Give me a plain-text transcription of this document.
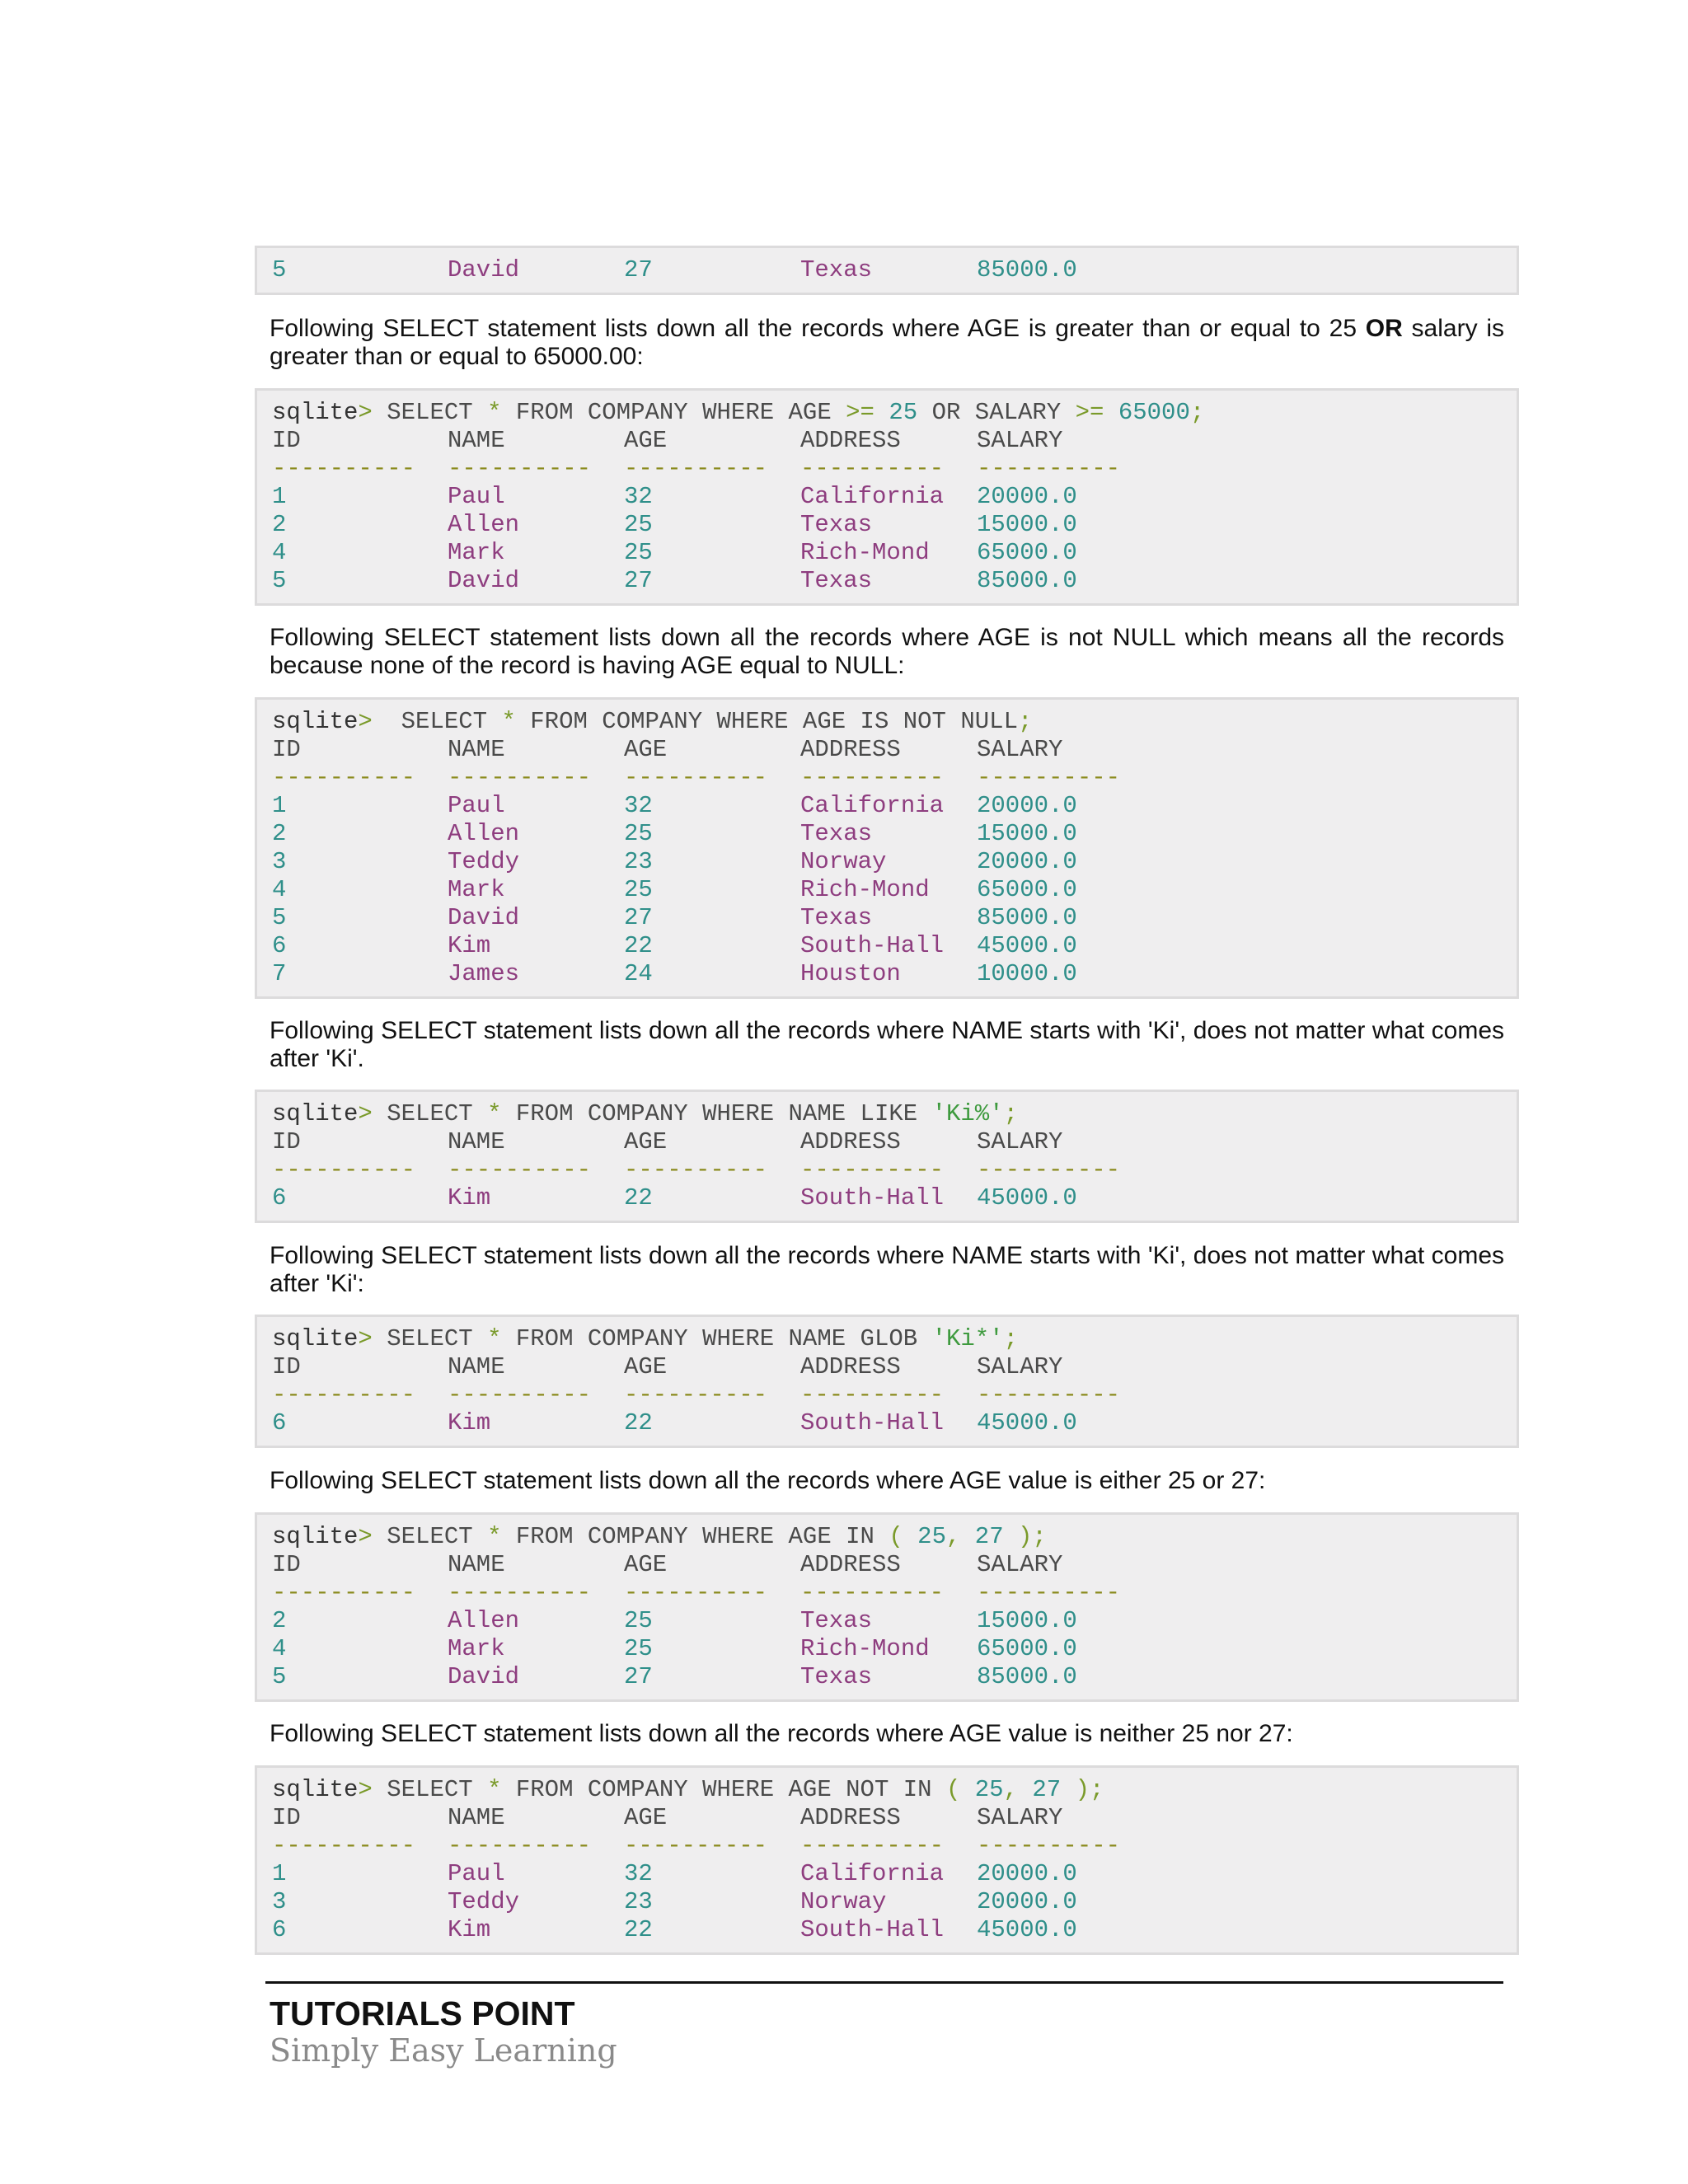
5	David	27	Texas	85000.0
Following SELECT statement lists down all the records where AGE is greater than or equal to 25 OR salary is greater than or equal to 65000.00:
sqlite> SELECT * FROM COMPANY WHERE AGE >= 25 OR SALARY >= 65000;
ID	NAME	AGE	ADDRESS	SALARY
---------- ---------- ---------- ---------- ----------
1	Paul	32	California 20000.0
2	Allen	25	Texas	15000.0
4	Mark	25	Rich-Mond 65000.0
5	David	27	Texas	85000.0
Following SELECT statement lists down all the records where AGE is not NULL which means all the records because none of the record is having AGE equal to NULL:
sqlite>  SELECT * FROM COMPANY WHERE AGE IS NOT NULL;
ID	NAME	AGE	ADDRESS	SALARY
---------- ---------- ---------- ---------- ----------
1	Paul	32	California 20000.0
2	Allen	25	Texas	15000.0
3	Teddy	23	Norway	20000.0
4	Mark	25	Rich-Mond 65000.0
5	David	27	Texas	85000.0
6	Kim	22	South-Hall 45000.0
7	James	24	Houston	10000.0
Following SELECT statement lists down all the records where NAME starts with 'Ki', does not matter what comes after 'Ki'.
sqlite> SELECT * FROM COMPANY WHERE NAME LIKE 'Ki%';
ID	NAME	AGE	ADDRESS	SALARY
---------- ---------- ---------- ---------- ----------
6	Kim	22	South-Hall 45000.0
Following SELECT statement lists down all the records where NAME starts with 'Ki', does not matter what comes after 'Ki':
sqlite> SELECT * FROM COMPANY WHERE NAME GLOB 'Ki*';
ID	NAME	AGE	ADDRESS	SALARY
---------- ---------- ---------- ---------- ----------
6	Kim	22	South-Hall 45000.0
Following SELECT statement lists down all the records where AGE value is either 25 or 27:
sqlite> SELECT * FROM COMPANY WHERE AGE IN ( 25, 27 );
ID	NAME	AGE	ADDRESS	SALARY
---------- ---------- ---------- ---------- ----------
2	Allen	25	Texas	15000.0
4	Mark	25	Rich-Mond 65000.0
5	David	27	Texas	85000.0
Following SELECT statement lists down all the records where AGE value is neither 25 nor 27:
sqlite> SELECT * FROM COMPANY WHERE AGE NOT IN ( 25, 27 );
ID	NAME	AGE	ADDRESS	SALARY
---------- ---------- ---------- ---------- ----------
1	Paul	32	California 20000.0
3	Teddy	23	Norway	20000.0
6	Kim	22	South-Hall 45000.0
TUTORIALS POINT
Simply Easy Learning
